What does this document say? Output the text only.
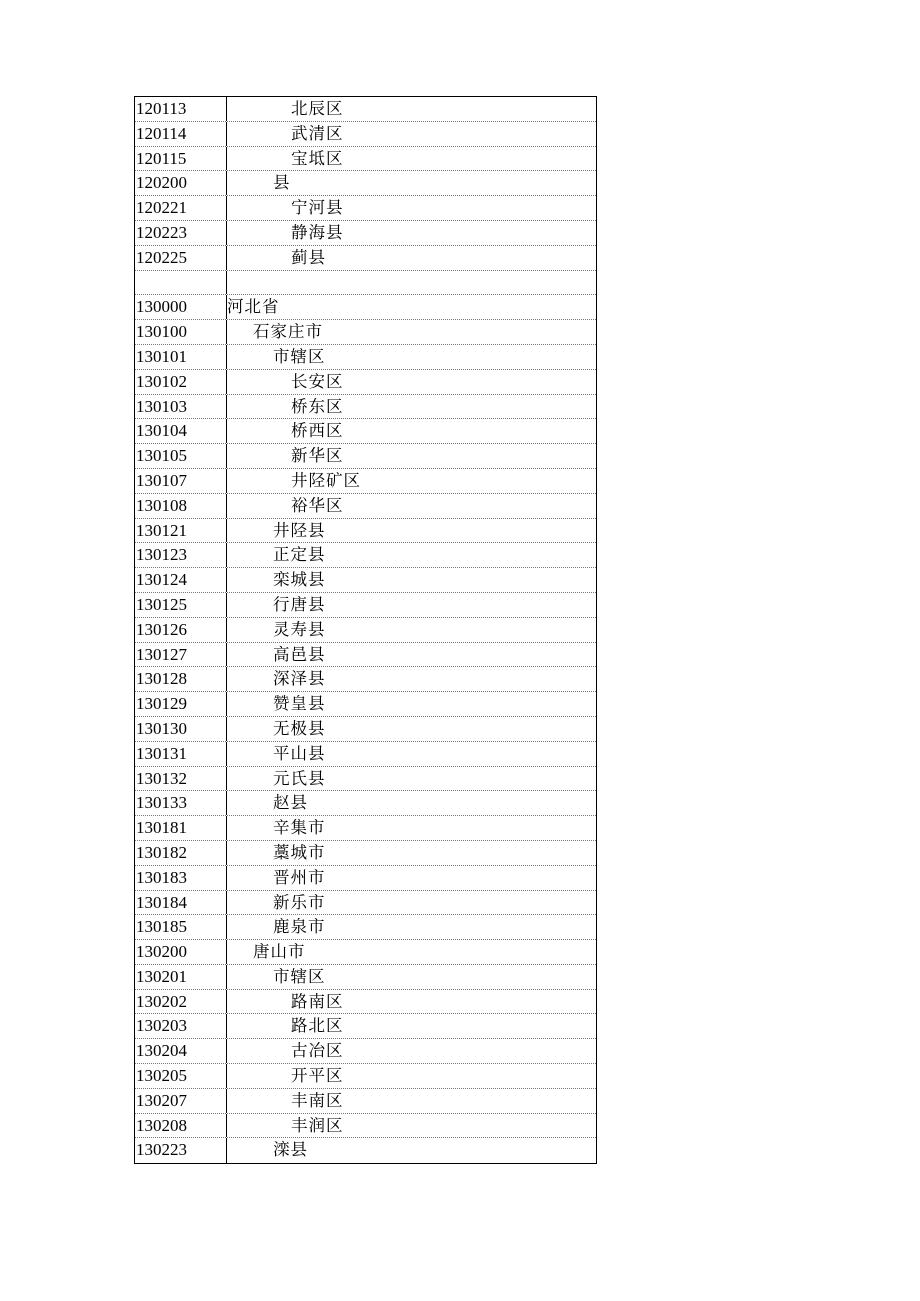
120113	北辰区
120114	武清区
120115	宝坻区
120200	县
120221	宁河县
120223	静海县
120225	蓟县
130000	河北省
130100	石家庄市
130101	市辖区
130102	长安区
130103	桥东区
130104	桥西区
130105	新华区
130107	井陉矿区
130108	裕华区
130121	井陉县
130123	正定县
130124	栾城县
130125	行唐县
130126	灵寿县
130127	高邑县
130128	深泽县
130129	赞皇县
130130	无极县
130131	平山县
130132	元氏县
130133	赵县
130181	辛集市
130182	藁城市
130183	晋州市
130184	新乐市
130185	鹿泉市
130200	唐山市
130201	市辖区
130202	路南区
130203	路北区
130204	古冶区
130205	开平区
130207	丰南区
130208	丰润区
130223	滦县
